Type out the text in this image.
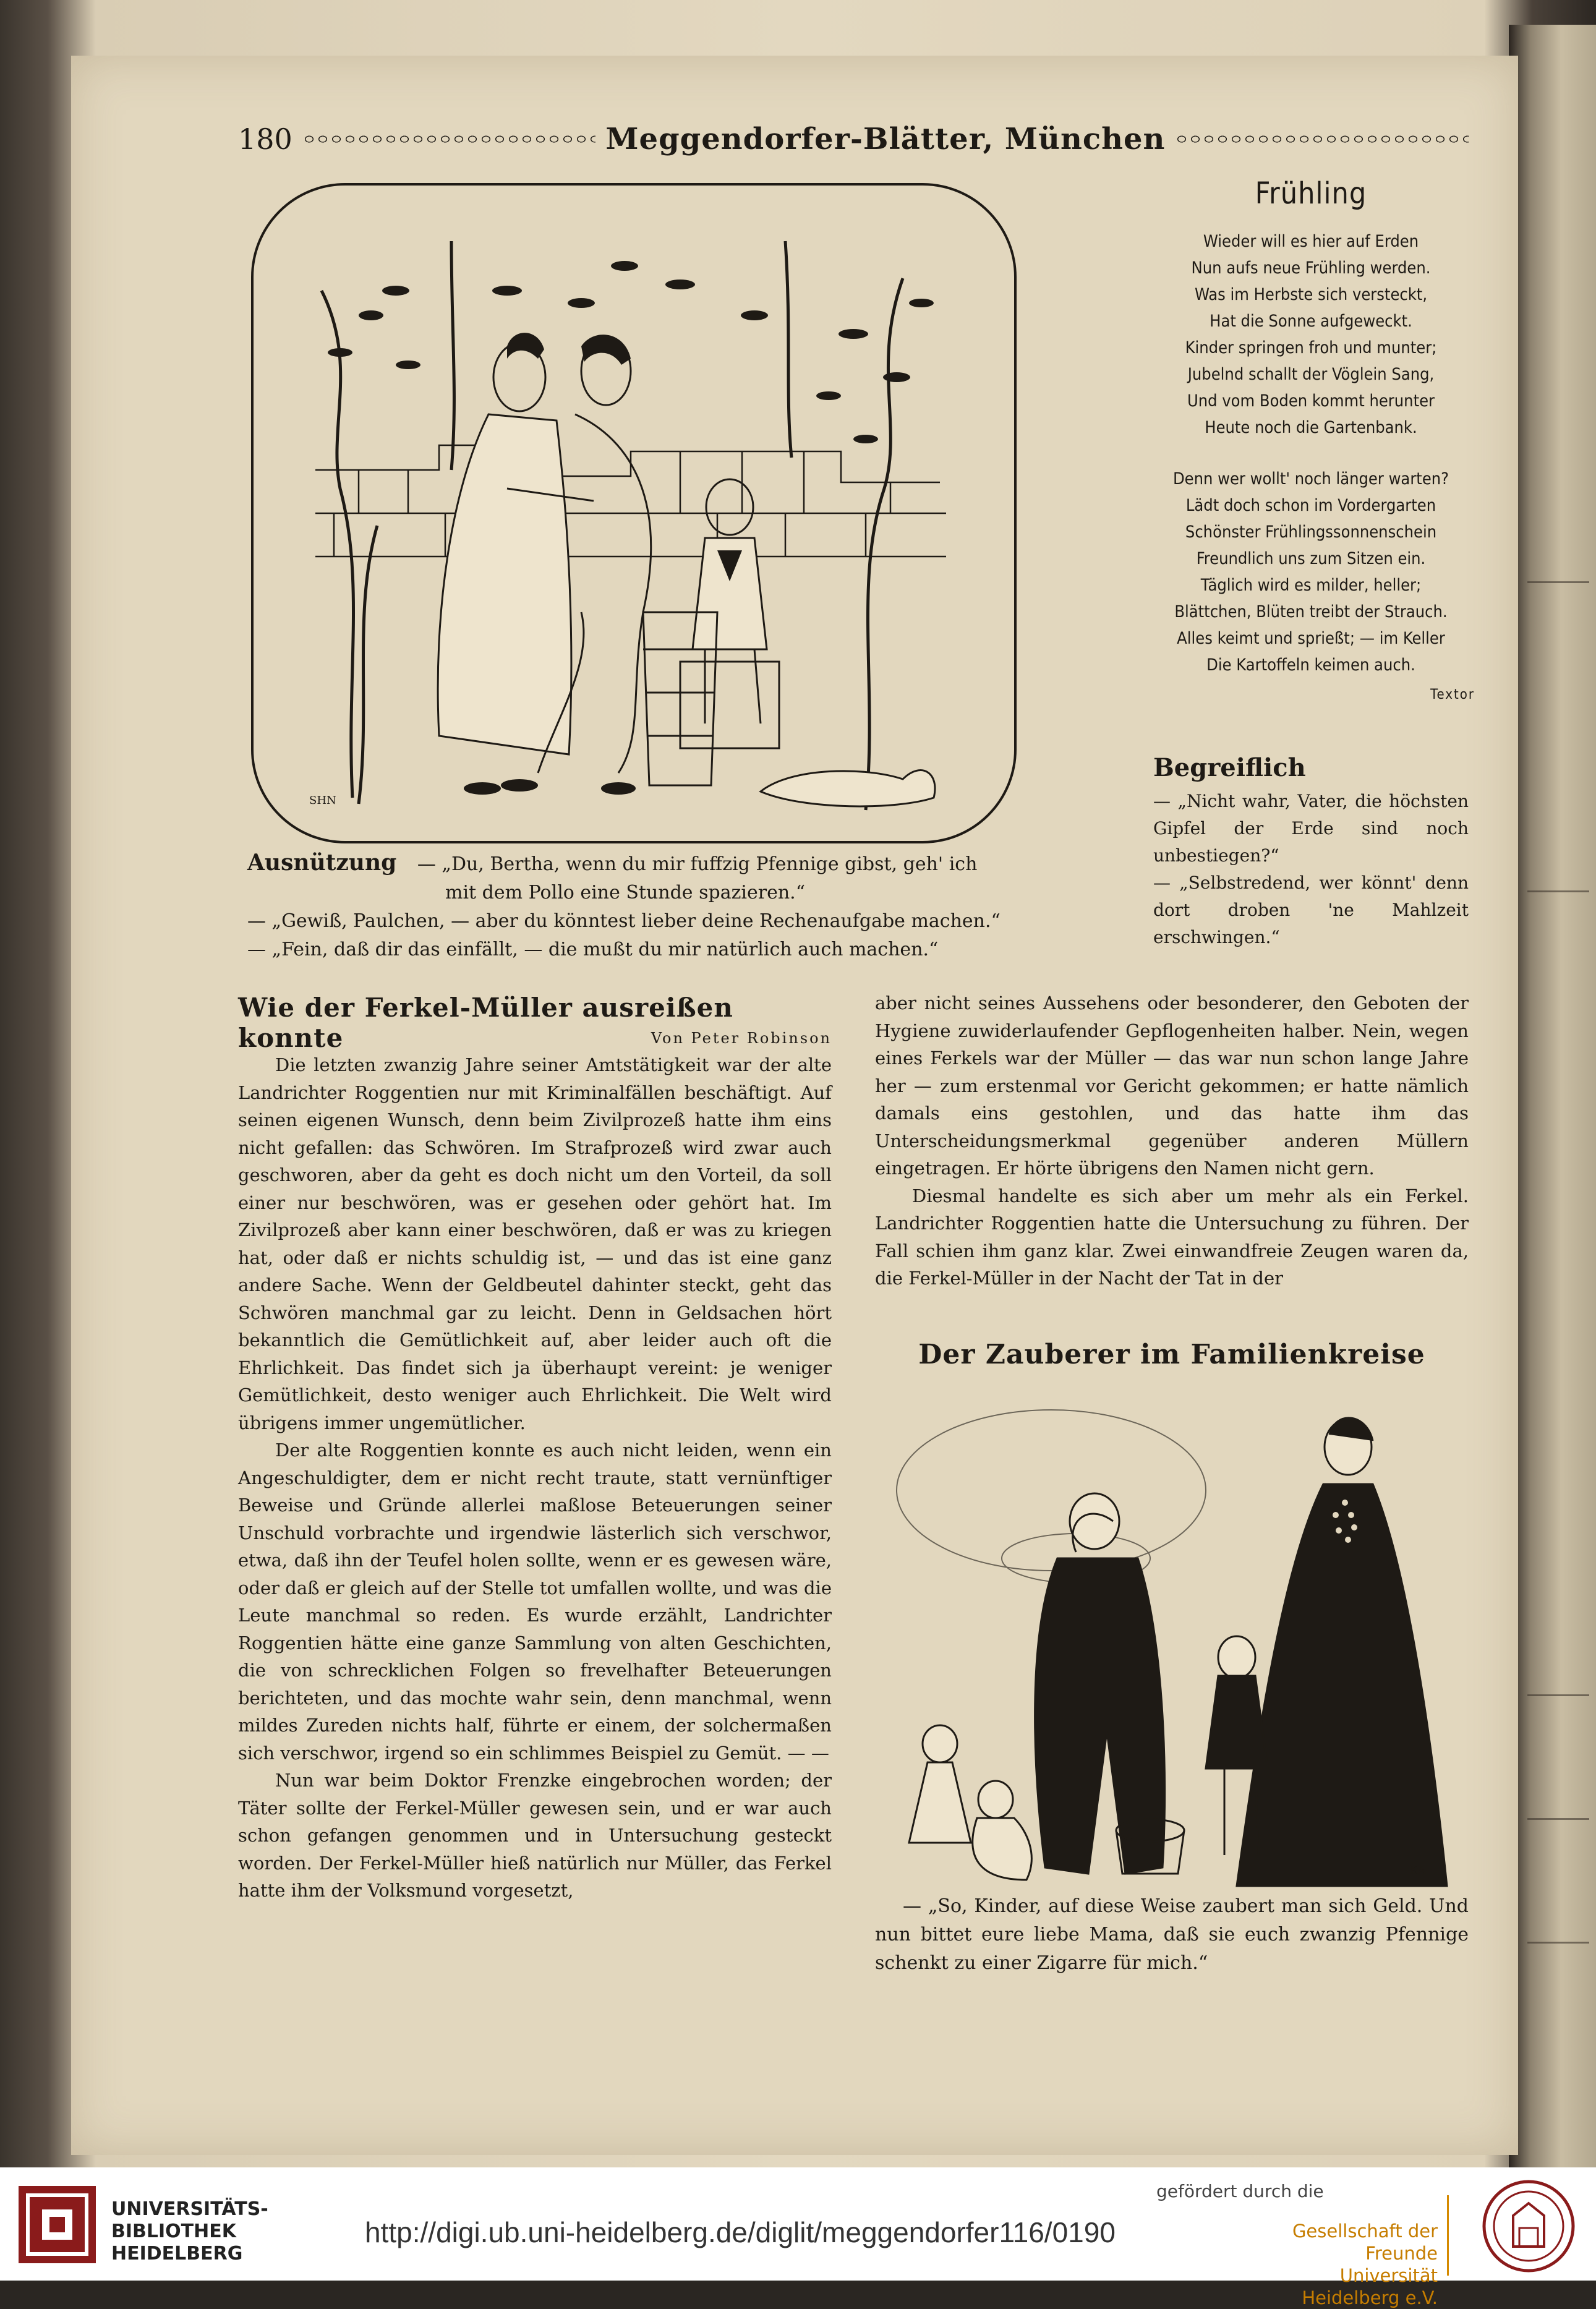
180	Meggendorfer-Blätter, München
SHN
Frühling
Wieder will es hier auf Erden
Nun aufs neue Frühling werden.
Was im Herbste sich versteckt,
Hat die Sonne aufgeweckt.
Kinder springen froh und munter;
Jubelnd schallt der Vöglein Sang,
Und vom Boden kommt herunter
Heute noch die Gartenbank.
Denn wer wollt' noch länger warten?
Lädt doch schon im Vordergarten
Schönster Frühlingssonnenschein
Freundlich uns zum Sitzen ein.
Täglich wird es milder, heller;
Blättchen, Blüten treibt der Strauch.
Alles keimt und sprießt; — im Keller
Die Kartoffeln keimen auch.
Textor
Begreiflich

— „Nicht wahr, Vater, die höchsten Gipfel der Erde sind noch unbestiegen?“

— „Selbstredend, wer könnt' denn dort droben 'ne Mahlzeit erschwingen.“

Ausnützung — „Du, Bertha, wenn du mir fuffzig Pfennige gibst, geh' ich
mit dem Pollo eine Stunde spazieren.“
— „Gewiß, Paulchen, — aber du könntest lieber deine Rechenaufgabe machen.“
— „Fein, daß dir das einfällt, — die mußt du mir natürlich auch machen.“
Wie der Ferkel-Müller ausreißen konnte	Von Peter Robinson

Die letzten zwanzig Jahre seiner Amtstätigkeit war der alte Landrichter Roggentien nur mit Kriminalfällen beschäftigt. Auf seinen eigenen Wunsch, denn beim Zivilprozeß hatte ihm eins nicht gefallen: das Schwören. Im Strafprozeß wird zwar auch geschworen, aber da geht es doch nicht um den Vorteil, da soll einer nur beschwören, was er gesehen oder gehört hat. Im Zivilprozeß aber kann einer beschwören, daß er was zu kriegen hat, oder daß er nichts schuldig ist, — und das ist eine ganz andere Sache. Wenn der Geldbeutel dahinter steckt, geht das Schwören manchmal gar zu leicht. Denn in Geldsachen hört bekanntlich die Gemütlichkeit auf, aber leider auch oft die Ehrlichkeit. Das findet sich ja überhaupt vereint: je weniger Gemütlichkeit, desto weniger auch Ehrlichkeit. Die Welt wird übrigens immer ungemütlicher.

Der alte Roggentien konnte es auch nicht leiden, wenn ein Angeschuldigter, dem er nicht recht traute, statt vernünftiger Beweise und Gründe allerlei maßlose Beteuerungen seiner Unschuld vorbrachte und irgendwie lästerlich sich verschwor, etwa, daß ihn der Teufel holen sollte, wenn er es gewesen wäre, oder daß er gleich auf der Stelle tot umfallen wollte, und was die Leute manchmal so reden. Es wurde erzählt, Landrichter Roggentien hätte eine ganze Sammlung von alten Geschichten, die von schrecklichen Folgen so frevelhafter Beteuerungen berichteten, und das mochte wahr sein, denn manchmal, wenn mildes Zureden nichts half, führte er einem, der solchermaßen sich verschwor, irgend so ein schlimmes Beispiel zu Gemüt. — —

Nun war beim Doktor Frenzke eingebrochen worden; der Täter sollte der Ferkel-Müller gewesen sein, und er war auch schon gefangen genommen und in Untersuchung gesteckt worden. Der Ferkel-Müller hieß natürlich nur Müller, das Ferkel hatte ihm der Volksmund vorgesetzt,

aber nicht seines Aussehens oder besonderer, den Geboten der Hygiene zuwiderlaufender Gepflogenheiten halber. Nein, wegen eines Ferkels war der Müller — das war nun schon lange Jahre her — zum erstenmal vor Gericht gekommen; er hatte nämlich damals eins gestohlen, und das hatte ihm das Unterscheidungsmerkmal gegenüber anderen Müllern eingetragen. Er hörte übrigens den Namen nicht gern.

Diesmal handelte es sich aber um mehr als ein Ferkel. Landrichter Roggentien hatte die Untersuchung zu führen. Der Fall schien ihm ganz klar. Zwei einwandfreie Zeugen waren da, die Ferkel-Müller in der Nacht der Tat in der

Der Zauberer im Familienkreise
KA

— „So, Kinder, auf diese Weise zaubert man sich Geld. Und nun bittet eure liebe Mama, daß sie euch zwanzig Pfennige schenkt zu einer Zigarre für mich.“

UNIVERSITÄTS-
BIBLIOTHEK
HEIDELBERG
http://digi.ub.uni-heidelberg.de/diglit/meggendorfer116/0190
gefördert durch die
Gesellschaft der Freunde
Universität Heidelberg e.V.
